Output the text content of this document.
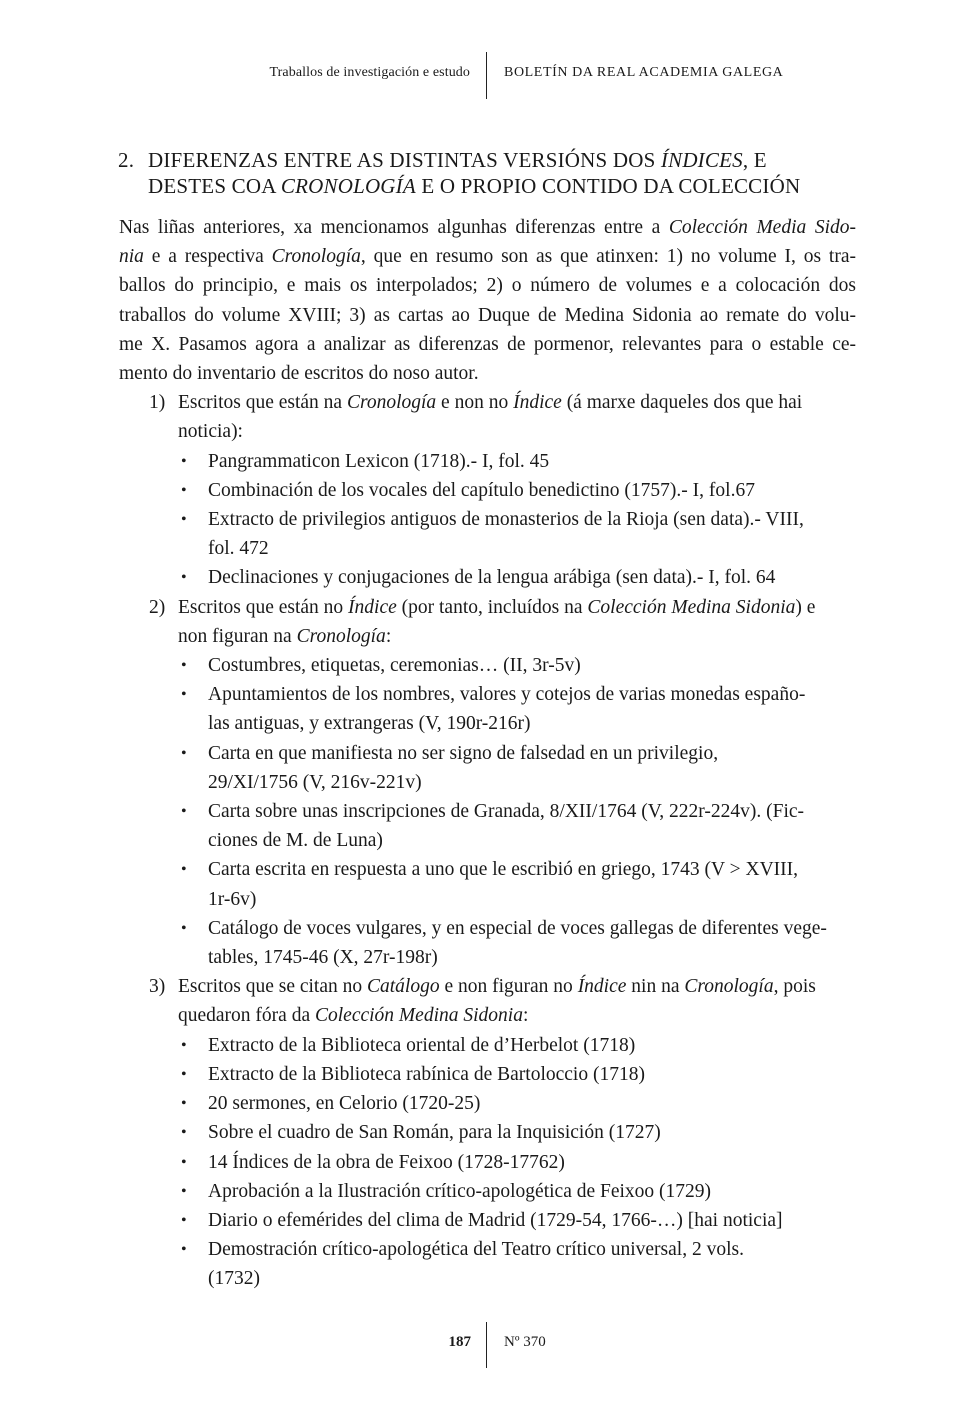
Traballos de investigación e estudo BOLETÍN DA REAL ACADEMIA GALEGA
2. DIFERENZAS ENTRE AS DISTINTAS VERSIÓNS DOS ÍNDICES, E
DESTES COA CRONOLOGÍA E O PROPIO CONTIDO DA COLECCIÓN

Nas liñas anteriores, xa mencionamos algunhas diferenzas entre a Colección Media Sido-
nia e a respectiva Cronología, que en resumo son as que atinxen: 1) no volume I, os tra-
ballos do principio, e mais os interpolados; 2) o número de volumes e a colocación dos
traballos do volume XVIII; 3) as cartas ao Duque de Medina Sidonia ao remate do volu-
me X. Pasamos agora a analizar as diferenzas de pormenor, relevantes para o estable ce-
mento do inventario de escritos do noso autor.

1) Escritos que están na Cronología e non no Índice (á marxe daqueles dos que hai
noticia):
• Pangrammaticon Lexicon (1718).- I, fol. 45
• Combinación de los vocales del capítulo benedictino (1757).- I, fol.67
• Extracto de privilegios antiguos de monasterios de la Rioja (sen data).- VIII,
fol. 472
• Declinaciones y conjugaciones de la lengua arábiga (sen data).- I, fol. 64
2) Escritos que están no Índice (por tanto, incluídos na Colección Medina Sidonia) e
non figuran na Cronología:
• Costumbres, etiquetas, ceremonias… (II, 3r-5v)
• Apuntamientos de los nombres, valores y cotejos de varias monedas españo-
las antiguas, y extrangeras (V, 190r-216r)
• Carta en que manifiesta no ser signo de falsedad en un privilegio,
29/XI/1756 (V, 216v-221v)
• Carta sobre unas inscripciones de Granada, 8/XII/1764 (V, 222r-224v). (Fic-
ciones de M. de Luna)
• Carta escrita en respuesta a uno que le escribió en griego, 1743 (V > XVIII,
1r-6v)
• Catálogo de voces vulgares, y en especial de voces gallegas de diferentes vege-
tables, 1745-46 (X, 27r-198r)
3) Escritos que se citan no Catálogo e non figuran no Índice nin na Cronología, pois
quedaron fóra da Colección Medina Sidonia:
• Extracto de la Biblioteca oriental de d’Herbelot (1718)
• Extracto de la Biblioteca rabínica de Bartoloccio (1718)
• 20 sermones, en Celorio (1720-25)
• Sobre el cuadro de San Román, para la Inquisición (1727)
• 14 Índices de la obra de Feixoo (1728-17762)
• Aprobación a la Ilustración crítico-apologética de Feixoo (1729)
• Diario o efemérides del clima de Madrid (1729-54, 1766-…) [hai noticia]
• Demostración crítico-apologética del Teatro crítico universal, 2 vols.
(1732)
187 Nº 370
